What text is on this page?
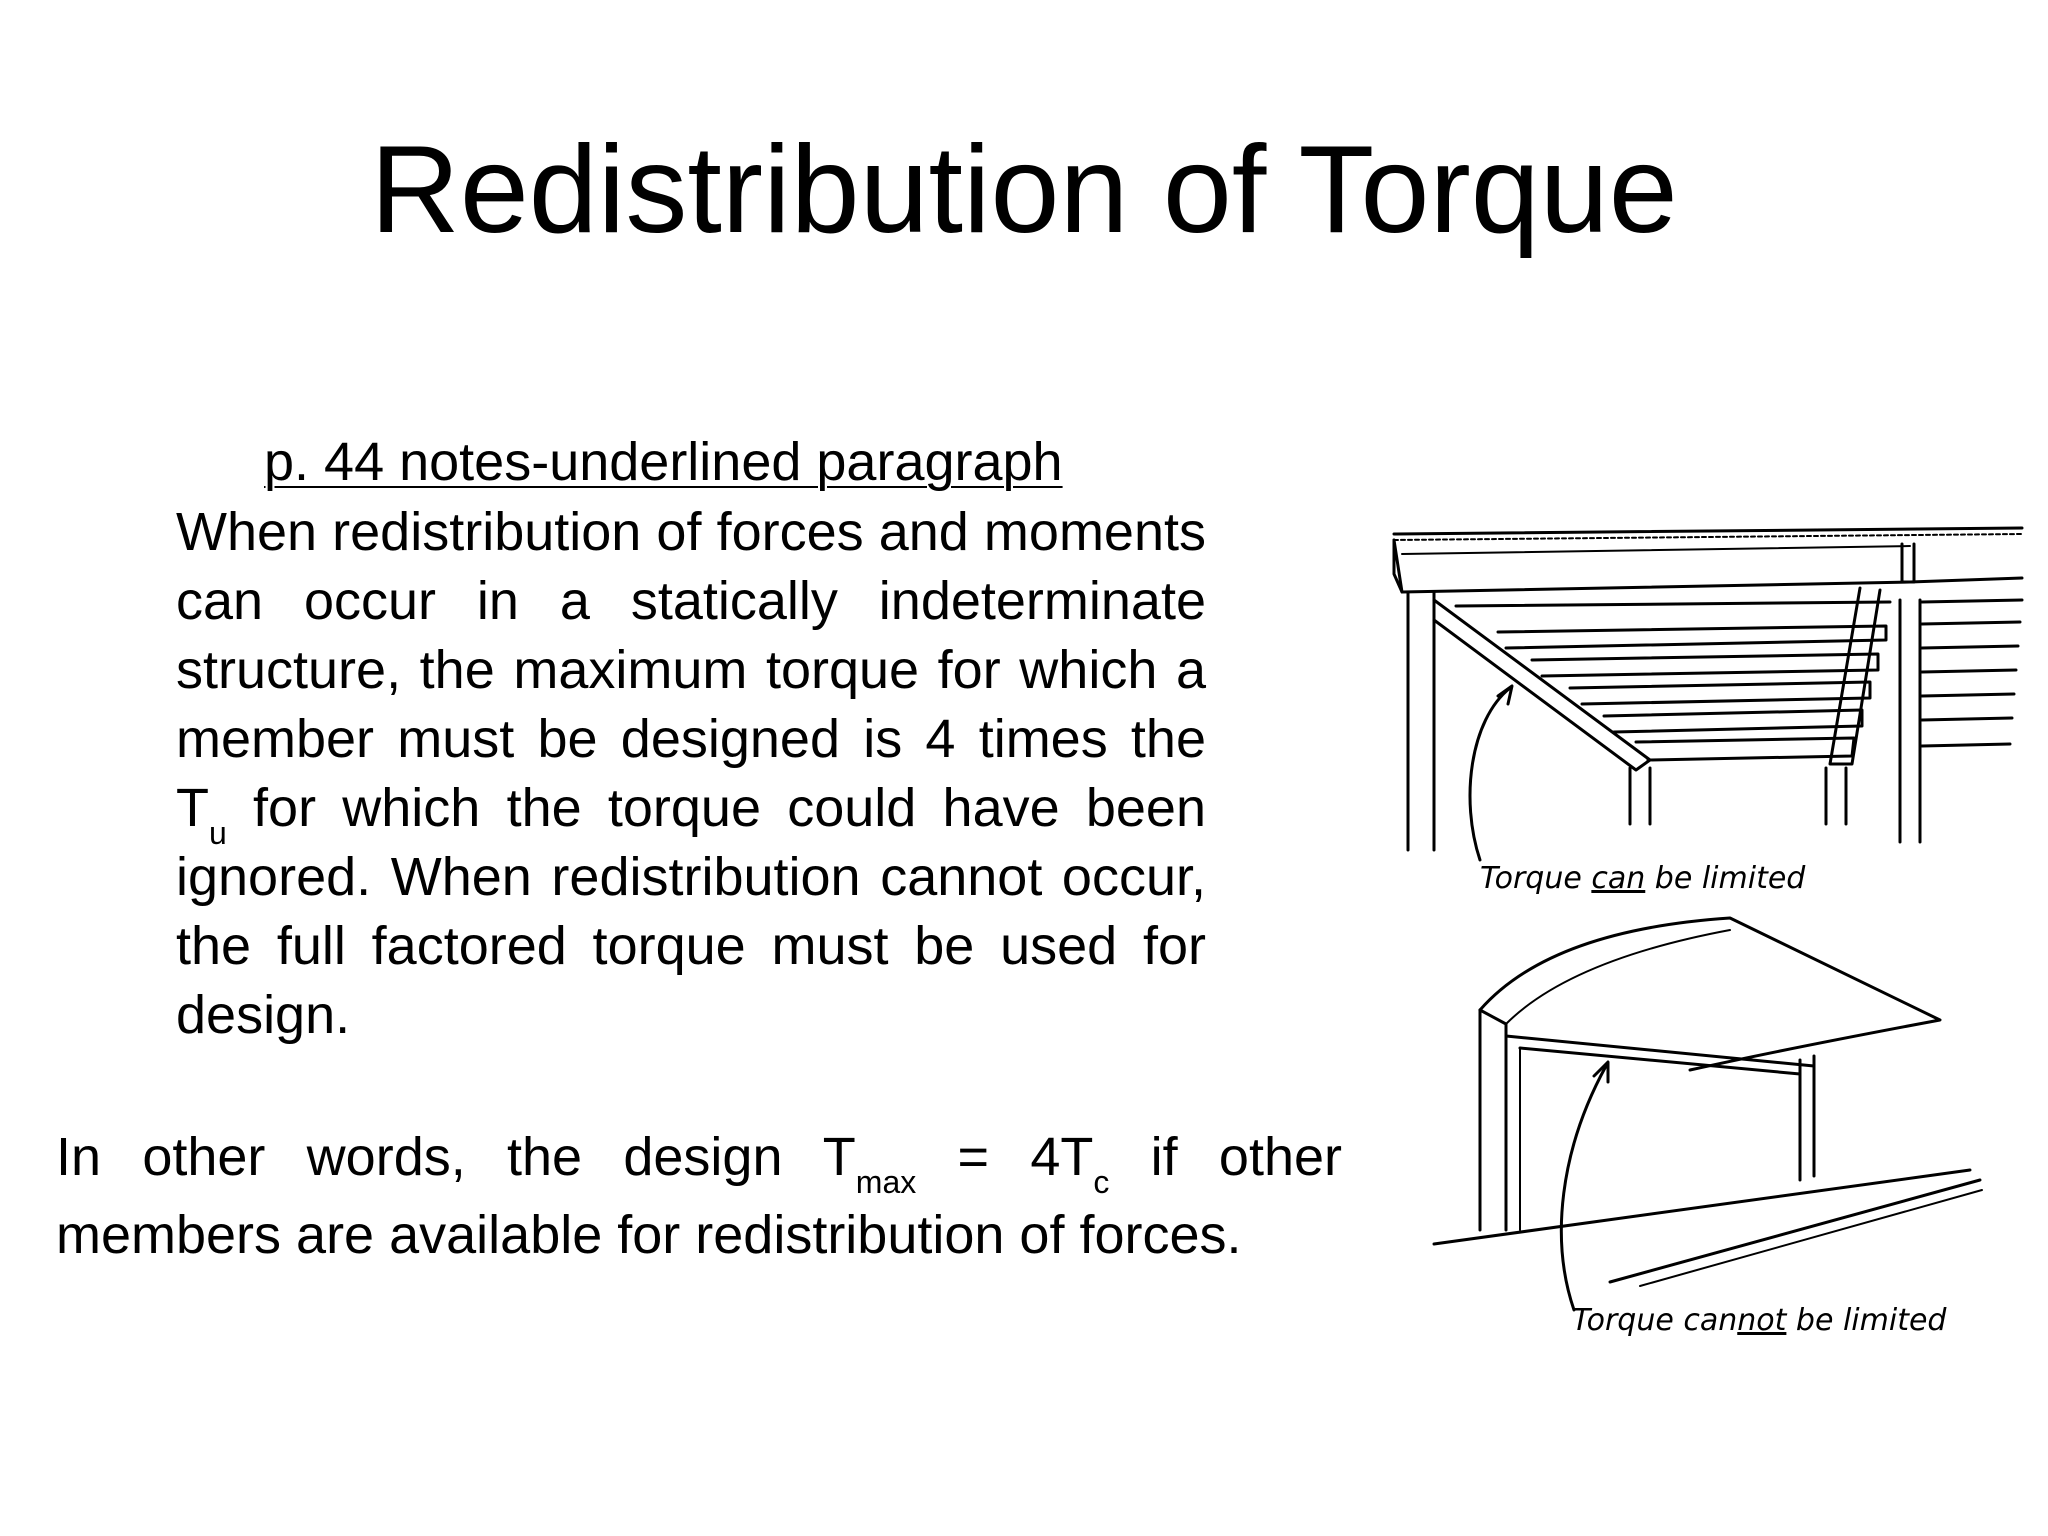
Redistribution of Torque
p. 44 notes-underlined paragraph
When redistribution of forces and moments can occur in a statically indeterminate structure, the maximum torque for which a member must be designed is 4 times the $T_u$ for which the torque could have been ignored. When redistribution cannot occur, the full factored torque must be used for design.
In other words, the design $T_{max} = 4T_c$ if other members are available for redistribution of forces.
Torque can be limited
Torque cannot be limited
